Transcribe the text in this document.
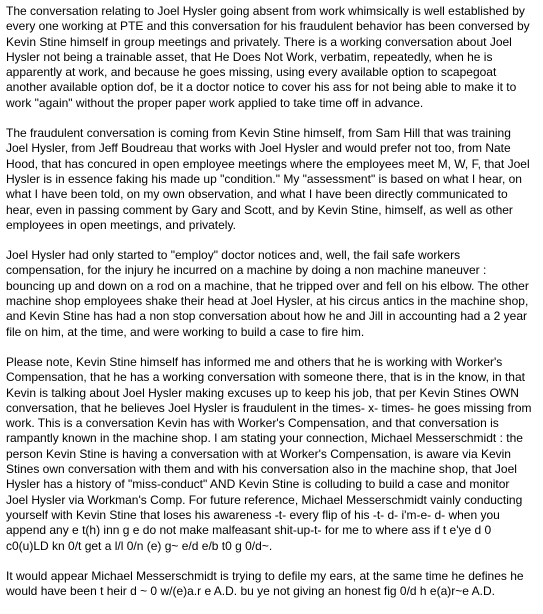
The conversation relating to Joel Hysler going absent from work whimsically is well established by
every one working at PTE and this conversation for his fraudulent behavior has been conversed by
Kevin Stine himself in group meetings and privately. There is a working conversation about Joel
Hysler not being a trainable asset, that He Does Not Work, verbatim, repeatedly, when he is
apparently at work, and because he goes missing, using every available option to scapegoat
another available option dof, be it a doctor notice to cover his ass for not being able to make it to
work "again" without the proper paper work applied to take time off in advance.
The fraudulent conversation is coming from Kevin Stine himself, from Sam Hill that was training
Joel Hysler, from Jeff Boudreau that works with Joel Hysler and would prefer not too, from Nate
Hood, that has concured in open employee meetings where the employees meet M, W, F, that Joel
Hysler is in essence faking his made up "condition." My "assessment" is based on what I hear, on
what I have been told, on my own observation, and what I have been directly communicated to
hear, even in passing comment by Gary and Scott, and by Kevin Stine, himself, as well as other
employees in open meetings, and privately.
Joel Hysler had only started to "employ" doctor notices and, well, the fail safe workers
compensation, for the injury he incurred on a machine by doing a non machine maneuver :
bouncing up and down on a rod on a machine, that he tripped over and fell on his elbow. The other
machine shop employees shake their head at Joel Hysler, at his circus antics in the machine shop,
and Kevin Stine has had a non stop conversation about how he and Jill in accounting had a 2 year
file on him, at the time, and were working to build a case to fire him.
Please note, Kevin Stine himself has informed me and others that he is working with Worker's
Compensation, that he has a working conversation with someone there, that is in the know, in that
Kevin is talking about Joel Hysler making excuses up to keep his job, that per Kevin Stines OWN
conversation, that he believes Joel Hysler is fraudulent in the times- x- times- he goes missing from
work. This is a conversation Kevin has with Worker's Compensation, and that conversation is
rampantly known in the machine shop. I am stating your connection, Michael Messerschmidt : the
person Kevin Stine is having a conversation with at Worker's Compensation, is aware via Kevin
Stines own conversation with them and with his conversation also in the machine shop, that Joel
Hysler has a history of "miss-conduct" AND Kevin Stine is colluding to build a case and monitor
Joel Hysler via Workman's Comp. For future reference, Michael Messerschmidt vainly conducting
yourself with Kevin Stine that loses his awareness -t- every flip of his -t- d- i'm-e- d- when you
append any e t(h) inn g e do not make malfeasant shit-up-t- for me to where ass if t e'ye d 0
c0(u)LD kn 0/t get a l/l 0/n (e) g~ e/d e/b t0 g 0/d~.
It would appear Michael Messerschmidt is trying to defile my ears, at the same time he defines he
would have been t heir d ~ 0 w/(e)a.r e A.D. bu ye not giving an honest fig 0/d h e(a)r~e A.D.
